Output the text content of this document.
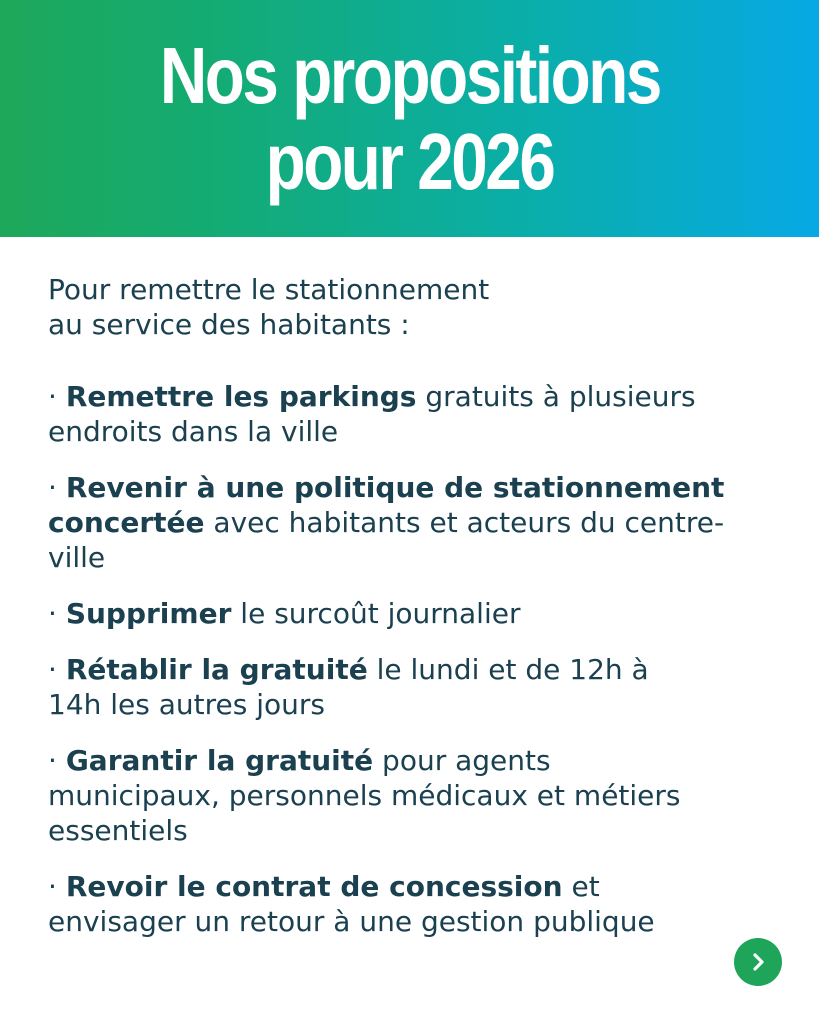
Nos propositions
pour 2026

Pour remettre le stationnement
au service des habitants :

· Remettre les parkings gratuits à plusieurs endroits dans la ville

· Revenir à une politique de stationnement concertée avec habitants et acteurs du centre-ville

· Supprimer le surcoût journalier

· Rétablir la gratuité le lundi et de 12h à 14h les autres jours

· Garantir la gratuité pour agents municipaux, personnels médicaux et métiers essentiels

· Revoir le contrat de concession et envisager un retour à une gestion publique
